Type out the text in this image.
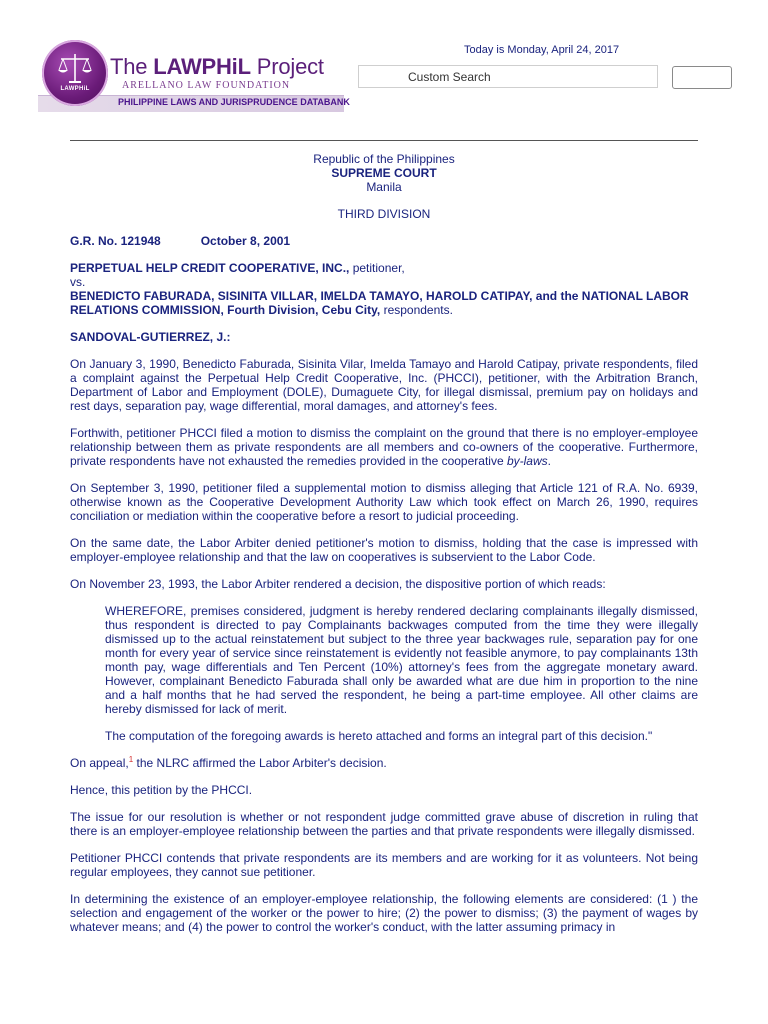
LAWPHiL
The LAWPHiL Project
ARELLANO LAW FOUNDATION
PHILIPPINE LAWS AND JURISPRUDENCE DATABANK
Today is Monday, April 24, 2017
Custom Search

Republic of the Philippines

SUPREME COURT

Manila

THIRD DIVISION

G.R. No. 121948	October 8, 2001

PERPETUAL HELP CREDIT COOPERATIVE, INC., petitioner,

vs.

BENEDICTO FABURADA, SISINITA VILLAR, IMELDA TAMAYO, HAROLD CATIPAY, and the NATIONAL LABOR RELATIONS COMMISSION, Fourth Division, Cebu City, respondents.

SANDOVAL-GUTIERREZ, J.:

On January 3, 1990, Benedicto Faburada, Sisinita Vilar, Imelda Tamayo and Harold Catipay, private respondents, filed a complaint against the Perpetual Help Credit Cooperative, Inc. (PHCCI), petitioner, with the Arbitration Branch, Department of Labor and Employment (DOLE), Dumaguete City, for illegal dismissal, premium pay on holidays and rest days, separation pay, wage differential, moral damages, and attorney's fees.

Forthwith, petitioner PHCCI filed a motion to dismiss the complaint on the ground that there is no employer-employee relationship between them as private respondents are all members and co-owners of the cooperative. Furthermore, private respondents have not exhausted the remedies provided in the cooperative by-laws.

On September 3, 1990, petitioner filed a supplemental motion to dismiss alleging that Article 121 of R.A. No. 6939, otherwise known as the Cooperative Development Authority Law which took effect on March 26, 1990, requires conciliation or mediation within the cooperative before a resort to judicial proceeding.

On the same date, the Labor Arbiter denied petitioner's motion to dismiss, holding that the case is impressed with employer-employee relationship and that the law on cooperatives is subservient to the Labor Code.

On November 23, 1993, the Labor Arbiter rendered a decision, the dispositive portion of which reads:

WHEREFORE, premises considered, judgment is hereby rendered declaring complainants illegally dismissed, thus respondent is directed to pay Complainants backwages computed from the time they were illegally dismissed up to the actual reinstatement but subject to the three year backwages rule, separation pay for one month for every year of service since reinstatement is evidently not feasible anymore, to pay complainants 13th month pay, wage differentials and Ten Percent (10%) attorney's fees from the aggregate monetary award. However, complainant Benedicto Faburada shall only be awarded what are due him in proportion to the nine and a half months that he had served the respondent, he being a part-time employee. All other claims are hereby dismissed for lack of merit.

The computation of the foregoing awards is hereto attached and forms an integral part of this decision."

On appeal,$^1$ the NLRC affirmed the Labor Arbiter's decision.

Hence, this petition by the PHCCI.

The issue for our resolution is whether or not respondent judge committed grave abuse of discretion in ruling that there is an employer-employee relationship between the parties and that private respondents were illegally dismissed.

Petitioner PHCCI contends that private respondents are its members and are working for it as volunteers. Not being regular employees, they cannot sue petitioner.

In determining the existence of an employer-employee relationship, the following elements are considered: (1 ) the selection and engagement of the worker or the power to hire; (2) the power to dismiss; (3) the payment of wages by whatever means; and (4) the power to control the worker's conduct, with the latter assuming primacy in
